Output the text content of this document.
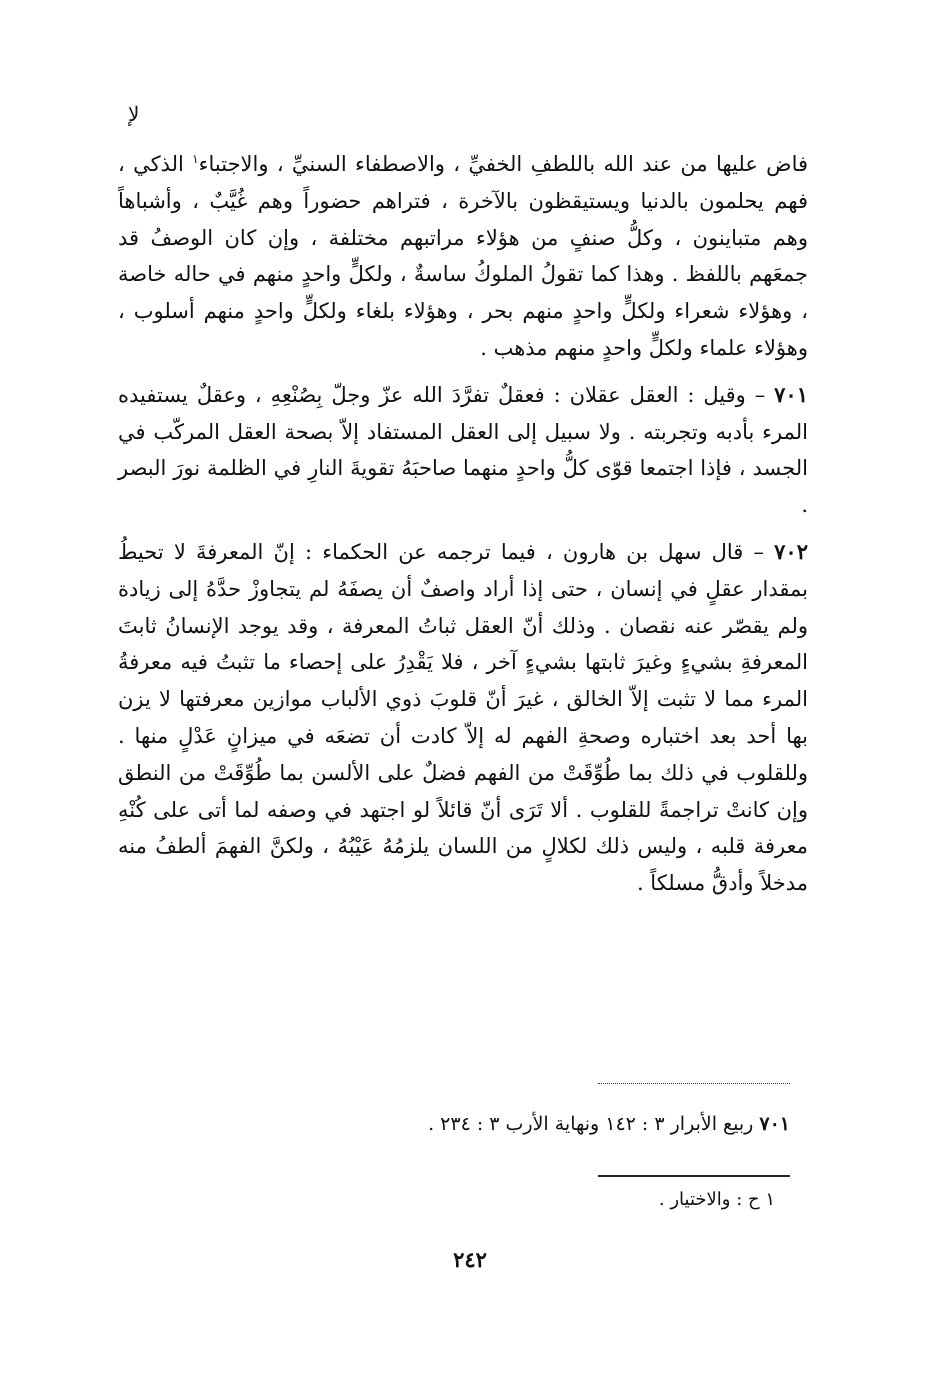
ﻹ

فاض عليها من عند الله باللطفِ الخفيِّ ، والاصطفاء السنيِّ ، والاجتباء$^١$ الذكي ، فهم يحلمون بالدنيا ويستيقظون بالآخرة ، فتراهم حضوراً وهم غُيَّبٌ ، وأشباهاً وهم متباينون ، وكلُّ صنفٍ من هؤلاء مراتبهم مختلفة ، وإن كان الوصفُ قد جمعَهم باللفظ . وهذا كما تقولُ الملوكُ ساسةٌ ، ولكلٍّ واحدٍ منهم في حاله خاصة ، وهؤلاء شعراء ولكلٍّ واحدٍ منهم بحر ، وهؤلاء بلغاء ولكلٍّ واحدٍ منهم أسلوب ، وهؤلاء علماء ولكلٍّ واحدٍ منهم مذهب .

٧٠١ – وقيل : العقل عقلان : فعقلٌ تفرَّدَ الله عزّ وجلّ بِصُنْعِهِ ، وعقلٌ يستفيده المرء بأدبه وتجربته . ولا سبيل إلى العقل المستفاد إلاّ بصحة العقل المركّب في الجسد ، فإذا اجتمعا قوّى كلُّ واحدٍ منهما صاحبَهُ تقويةَ النارِ في الظلمة نورَ البصر .

٧٠٢ – قال سهل بن هارون ، فيما ترجمه عن الحكماء : إنّ المعرفةَ لا تحيطُ بمقدار عقلٍ في إنسان ، حتى إذا أراد واصفٌ أن يصفَهُ لم يتجاوزْ حدَّهُ إلى زيادة ولم يقصّر عنه نقصان . وذلك أنّ العقل ثباتُ المعرفة ، وقد يوجد الإنسانُ ثابتَ المعرفةِ بشيءٍ وغيرَ ثابتها بشيءٍ آخر ، فلا يَقْدِرُ على إحصاء ما تثبتُ فيه معرفةُ المرء مما لا تثبت إلاّ الخالق ، غيرَ أنّ قلوبَ ذوي الألباب موازين معرفتها لا يزن بها أحد بعد اختباره وصحةِ الفهم له إلاّ كادت أن تضعَه في ميزانٍ عَدْلٍ منها . وللقلوب في ذلك بما طُوِّقَتْ من الفهم فضلٌ على الألسن بما طُوِّقَتْ من النطق وإن كانتْ تراجمةً للقلوب . ألا تَرَى أنّ قائلاً لو اجتهد في وصفه لما أتى على كُنْهِ معرفة قلبه ، وليس ذلك لكلالٍ من اللسان يلزمُهُ عَيْبُهُ ، ولكنَّ الفهمَ ألطفُ منه مدخلاً وأدقُّ مسلكاً .

٧٠١ ربيع الأبرار ٣ : ١٤٢ ونهاية الأرب ٣ : ٢٣٤ .
١ ح : والاختيار .
٢٤٢
